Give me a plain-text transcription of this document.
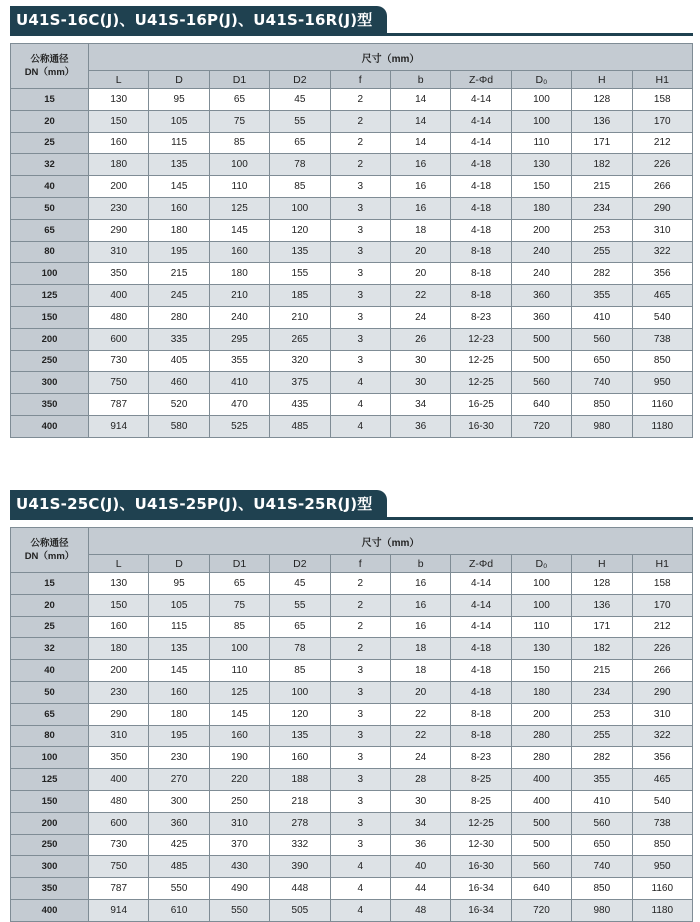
U41S-16C(J)、U41S-16P(J)、U41S-16R(J)型
公称通径
DN（mm）	尺寸（mm）									
	L	D	D1	D2	f	b	Z-Φd	D₀	H	H1
15	130	95	65	45	2	14	4-14	100	128	158
20	150	105	75	55	2	14	4-14	100	136	170
25	160	115	85	65	2	14	4-14	110	171	212
32	180	135	100	78	2	16	4-18	130	182	226
40	200	145	110	85	3	16	4-18	150	215	266
50	230	160	125	100	3	16	4-18	180	234	290
65	290	180	145	120	3	18	4-18	200	253	310
80	310	195	160	135	3	20	8-18	240	255	322
100	350	215	180	155	3	20	8-18	240	282	356
125	400	245	210	185	3	22	8-18	360	355	465
150	480	280	240	210	3	24	8-23	360	410	540
200	600	335	295	265	3	26	12-23	500	560	738
250	730	405	355	320	3	30	12-25	500	650	850
300	750	460	410	375	4	30	12-25	560	740	950
350	787	520	470	435	4	34	16-25	640	850	1160
400	914	580	525	485	4	36	16-30	720	980	1180
U41S-25C(J)、U41S-25P(J)、U41S-25R(J)型
公称通径
DN（mm）	尺寸（mm）									
	L	D	D1	D2	f	b	Z-Φd	D₀	H	H1
15	130	95	65	45	2	16	4-14	100	128	158
20	150	105	75	55	2	16	4-14	100	136	170
25	160	115	85	65	2	16	4-14	110	171	212
32	180	135	100	78	2	18	4-18	130	182	226
40	200	145	110	85	3	18	4-18	150	215	266
50	230	160	125	100	3	20	4-18	180	234	290
65	290	180	145	120	3	22	8-18	200	253	310
80	310	195	160	135	3	22	8-18	280	255	322
100	350	230	190	160	3	24	8-23	280	282	356
125	400	270	220	188	3	28	8-25	400	355	465
150	480	300	250	218	3	30	8-25	400	410	540
200	600	360	310	278	3	34	12-25	500	560	738
250	730	425	370	332	3	36	12-30	500	650	850
300	750	485	430	390	4	40	16-30	560	740	950
350	787	550	490	448	4	44	16-34	640	850	1160
400	914	610	550	505	4	48	16-34	720	980	1180
